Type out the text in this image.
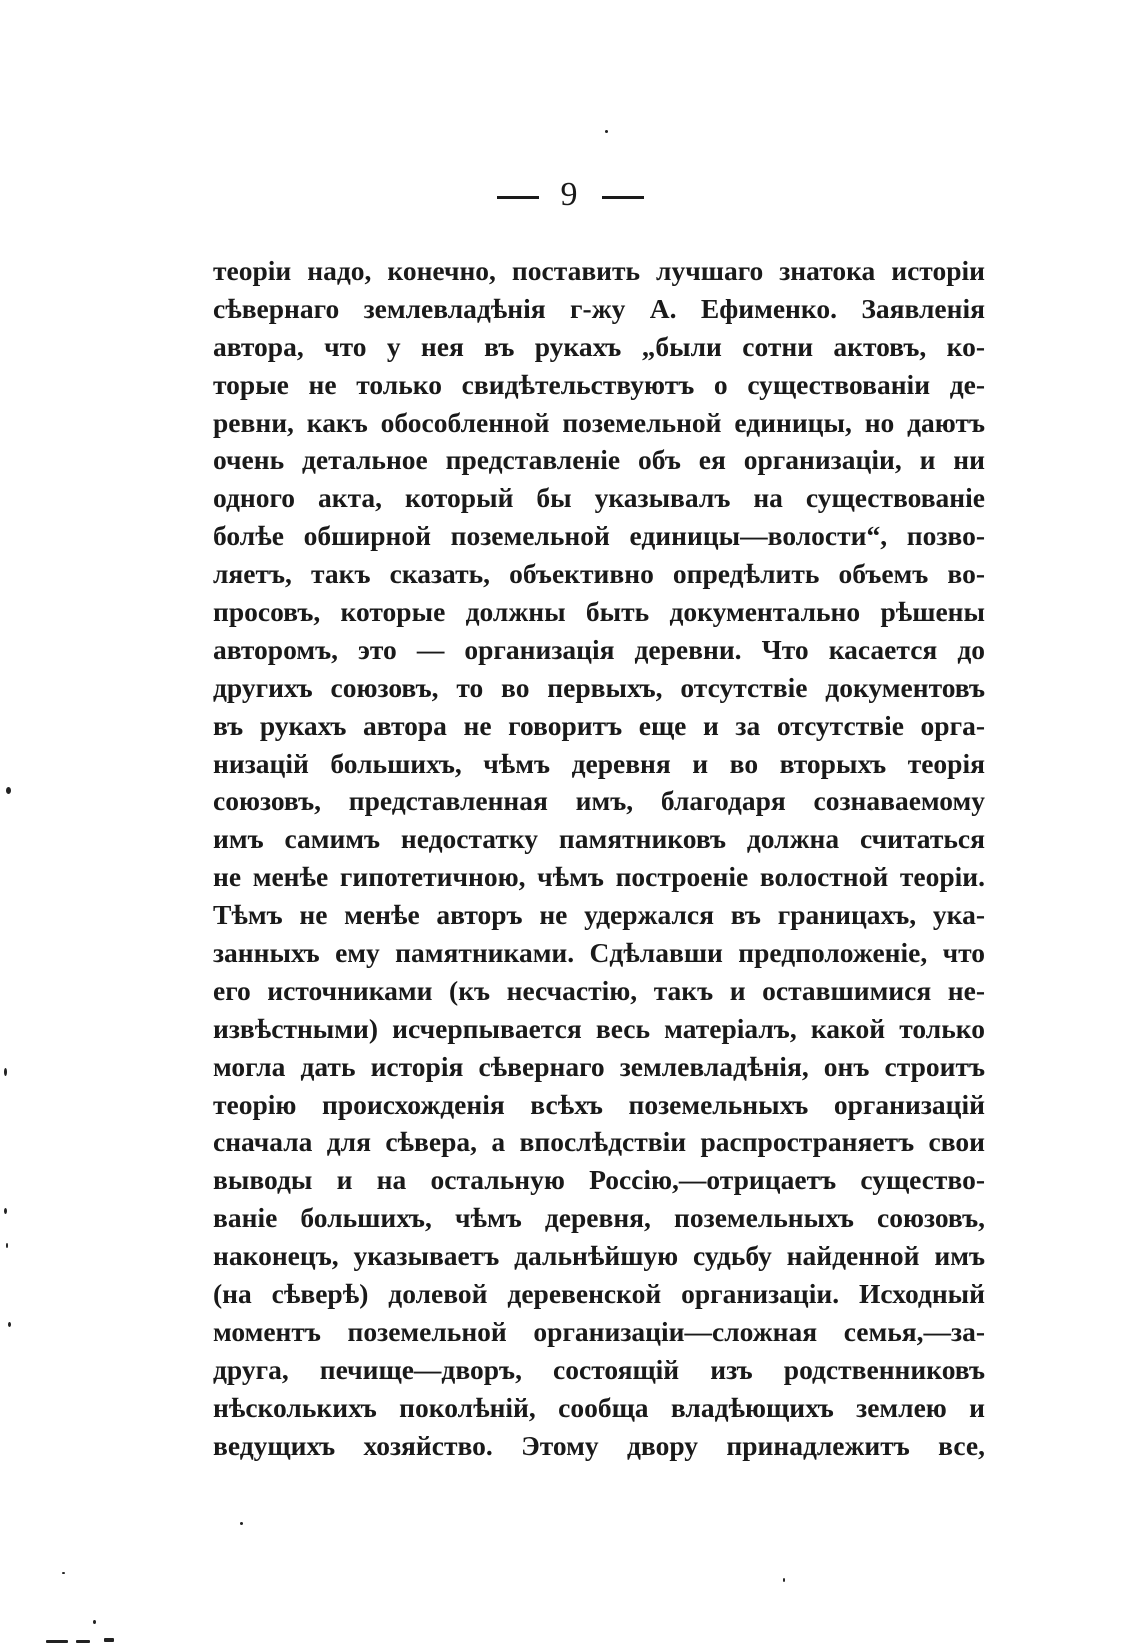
9
теоріи надо, конечно, поставить лучшаго знатока исторіи
сѣвернаго землевладѣнія г-жу А. Ефименко. Заявленія
автора, что у нея въ рукахъ „были сотни актовъ, ко-
торые не только свидѣтельствуютъ о существованіи де-
ревни, какъ обособленной поземельной единицы, но даютъ
очень детальное представленіе объ ея организаціи, и ни
одного акта, который бы указывалъ на существованіе
болѣе обширной поземельной единицы—волости“, позво-
ляетъ, такъ сказать, объективно опредѣлить объемъ во-
просовъ, которые должны быть документально рѣшены
авторомъ, это — организація деревни. Что касается до
другихъ союзовъ, то во первыхъ, отсутствіе документовъ
въ рукахъ автора не говоритъ еще и за отсутствіе орга-
низацій большихъ, чѣмъ деревня и во вторыхъ теорія
союзовъ, представленная имъ, благодаря сознаваемому
имъ самимъ недостатку памятниковъ должна считаться
не менѣе гипотетичною, чѣмъ построеніе волостной теоріи.
Тѣмъ не менѣе авторъ не удержался въ границахъ, ука-
занныхъ ему памятниками. Сдѣлавши предположеніе, что
его источниками (къ несчастію, такъ и оставшимися не-
извѣстными) исчерпывается весь матеріалъ, какой только
могла дать исторія сѣвернаго землевладѣнія, онъ строитъ
теорію происхожденія всѣхъ поземельныхъ организацій
сначала для сѣвера, а впослѣдствіи распространяетъ свои
выводы и на остальную Россію,—отрицаетъ существо-
ваніе большихъ, чѣмъ деревня, поземельныхъ союзовъ,
наконецъ, указываетъ дальнѣйшую судьбу найденной имъ
(на сѣверѣ) долевой деревенской организаціи. Исходный
моментъ поземельной организаціи—сложная семья,—за-
друга, печище—дворъ, состоящій изъ родственниковъ
нѣсколькихъ поколѣній, сообща владѣющихъ землею и
ведущихъ хозяйство. Этому двору принадлежитъ все,
